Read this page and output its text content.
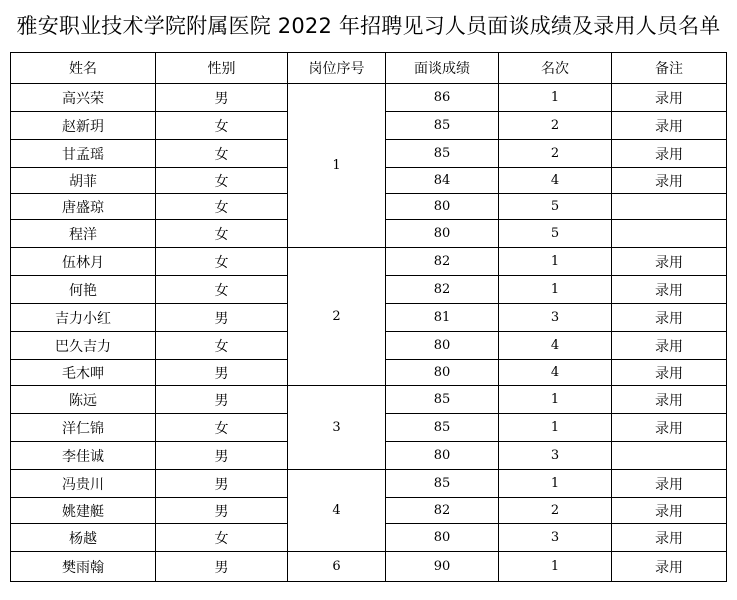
雅安职业技术学院附属医院 2022 年招聘见习人员面谈成绩及录用人员名单
姓名	性别	岗位序号	面谈成绩	名次	备注
高兴荣	男	1	86	1	录用
赵新玥	女		85	2	录用
甘孟瑶	女		85	2	录用
胡菲	女		84	4	录用
唐盛琼	女		80	5	
程洋	女		80	5	
伍林月	女	2	82	1	录用
何艳	女		82	1	录用
吉力小红	男		81	3	录用
巴久吉力	女		80	4	录用
毛木呷	男		80	4	录用
陈远	男	3	85	1	录用
洋仁锦	女		85	1	录用
李佳诚	男		80	3	
冯贵川	男	4	85	1	录用
姚建艇	男		82	2	录用
杨越	女		80	3	录用
樊雨翰	男	6	90	1	录用
